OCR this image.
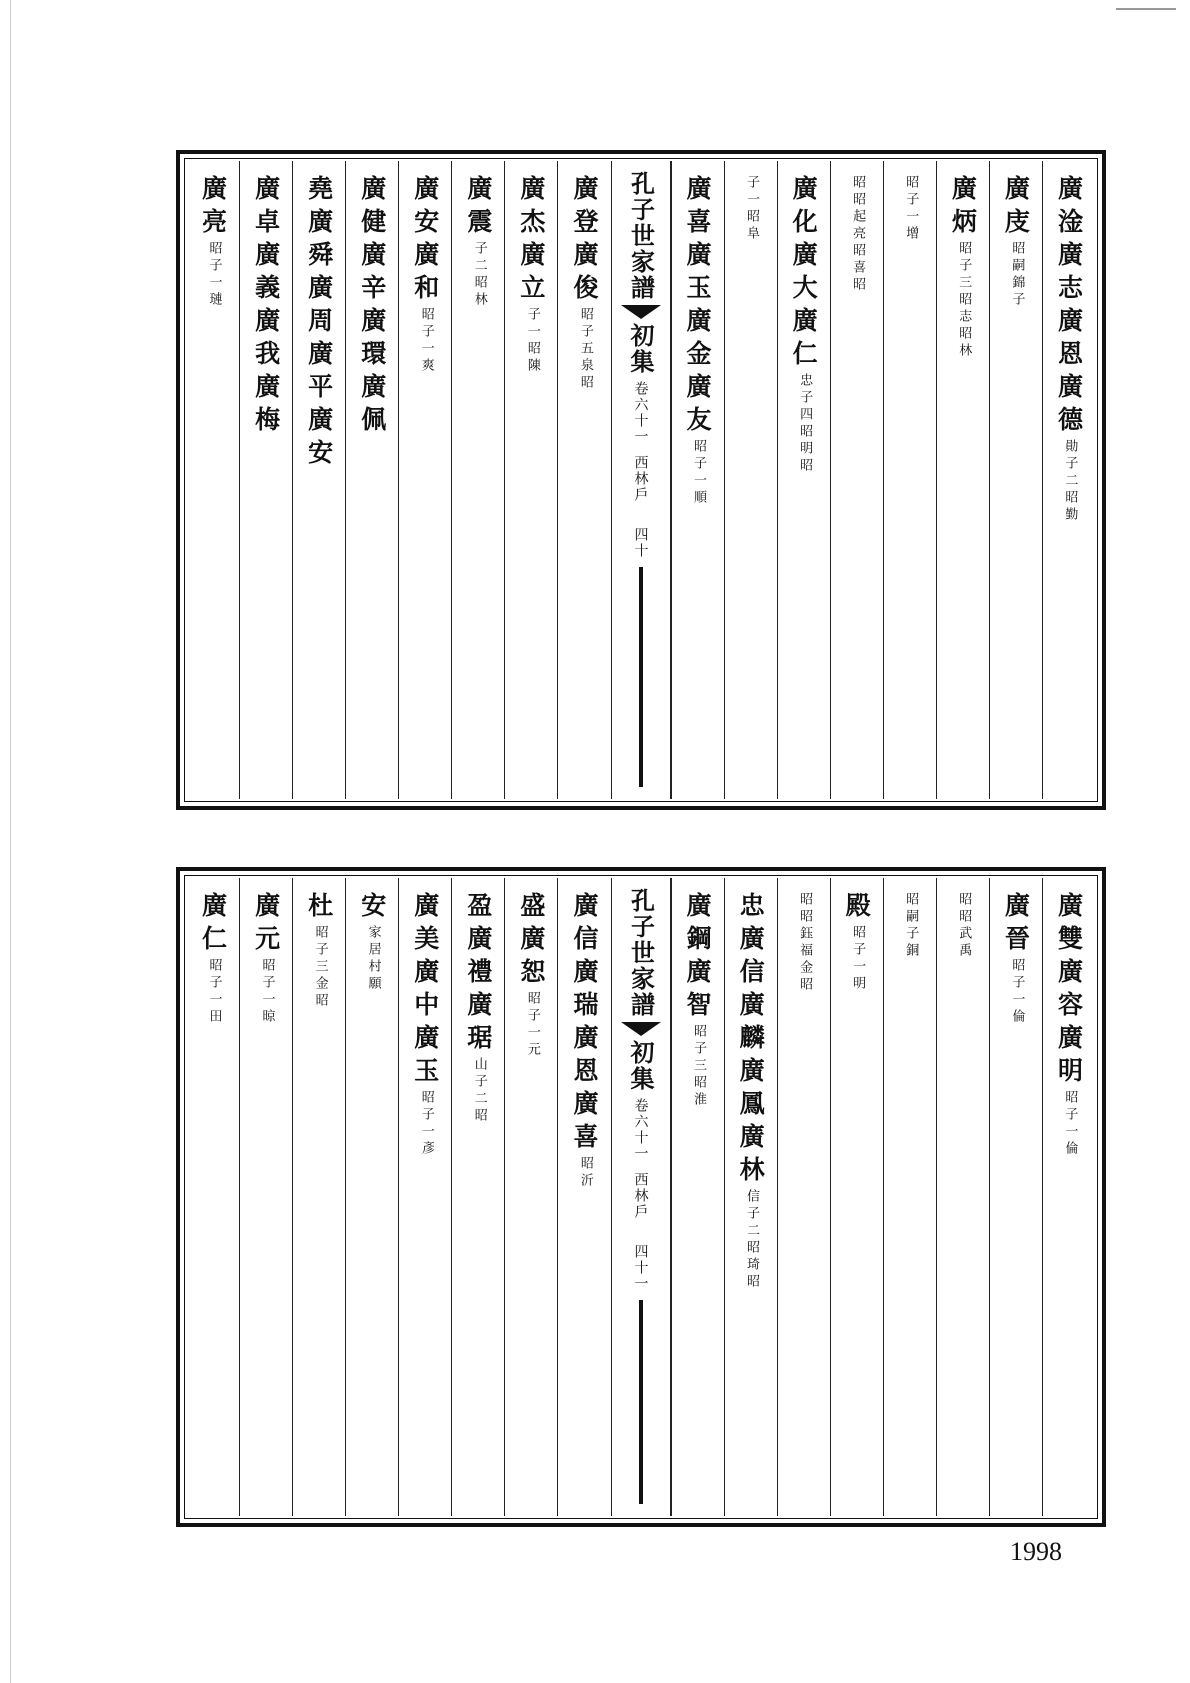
廣淦廣志廣恩廣德
勛子二昭勤
廣庋
昭嗣錦子
廣炳
昭子三昭志昭林
昭子一增
昭昭起亮昭喜昭
廣化廣大廣仁
忠子四昭明昭
子一昭阜
廣喜廣玉廣金廣友
昭子一順
孔子世家譜
初集
卷六十一
西林戶
四十
廣登廣俊
昭子五泉昭
廣杰廣立
子一昭陳
廣震
子二昭林
廣安廣和
昭子一爽
廣健廣辛廣環廣佩
堯廣舜廣周廣平廣安
廣卓廣義廣我廣梅
廣亮
昭子一璉
廣雙廣容廣明
昭子一倫
廣晉
昭子一倫
昭昭武禹
昭嗣子銅
殿
昭子一明
昭昭鈺福金昭
忠廣信廣麟廣鳳廣林
信子二昭琦昭
廣鋼廣智
昭子三昭淮
孔子世家譜
初集
卷六十一
西林戶
四十一
廣信廣瑞廣恩廣喜
昭沂
盛廣恕
昭子一元
盈廣禮廣琚
山子二昭
廣美廣中廣玉
昭子一彥
安
家居村願
杜
昭子三金昭
廣元
昭子一晾
廣仁
昭子一田
1998
